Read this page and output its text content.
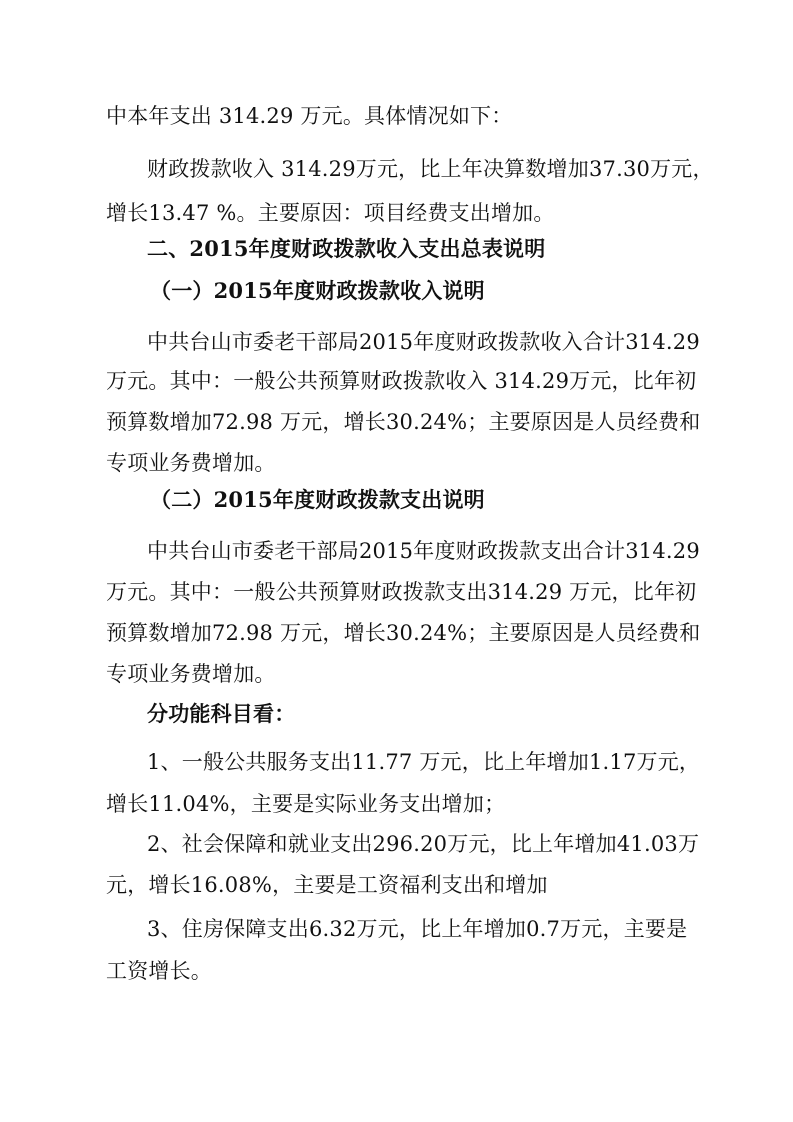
中本年支出 314.29 万元。具体情况如下：
财政拨款收入 314.29万元，比上年决算数增加37.30万元，
增长13.47 %。主要原因：项目经费支出增加。
二、2015年度财政拨款收入支出总表说明
（一）2015年度财政拨款收入说明
中共台山市委老干部局2015年度财政拨款收入合计314.29
万元。其中：一般公共预算财政拨款收入 314.29万元，比年初
预算数增加72.98 万元，增长30.24%；主要原因是人员经费和
专项业务费增加。
（二）2015年度财政拨款支出说明
中共台山市委老干部局2015年度财政拨款支出合计314.29
万元。其中：一般公共预算财政拨款支出314.29 万元，比年初
预算数增加72.98 万元，增长30.24%；主要原因是人员经费和
专项业务费增加。
分功能科目看：
1、一般公共服务支出11.77 万元，比上年增加1.17万元，
增长11.04%，主要是实际业务支出增加；
2、社会保障和就业支出296.20万元，比上年增加41.03万
元，增长16.08%，主要是工资福利支出和增加
3、住房保障支出6.32万元，比上年增加0.7万元，主要是
工资增长。
